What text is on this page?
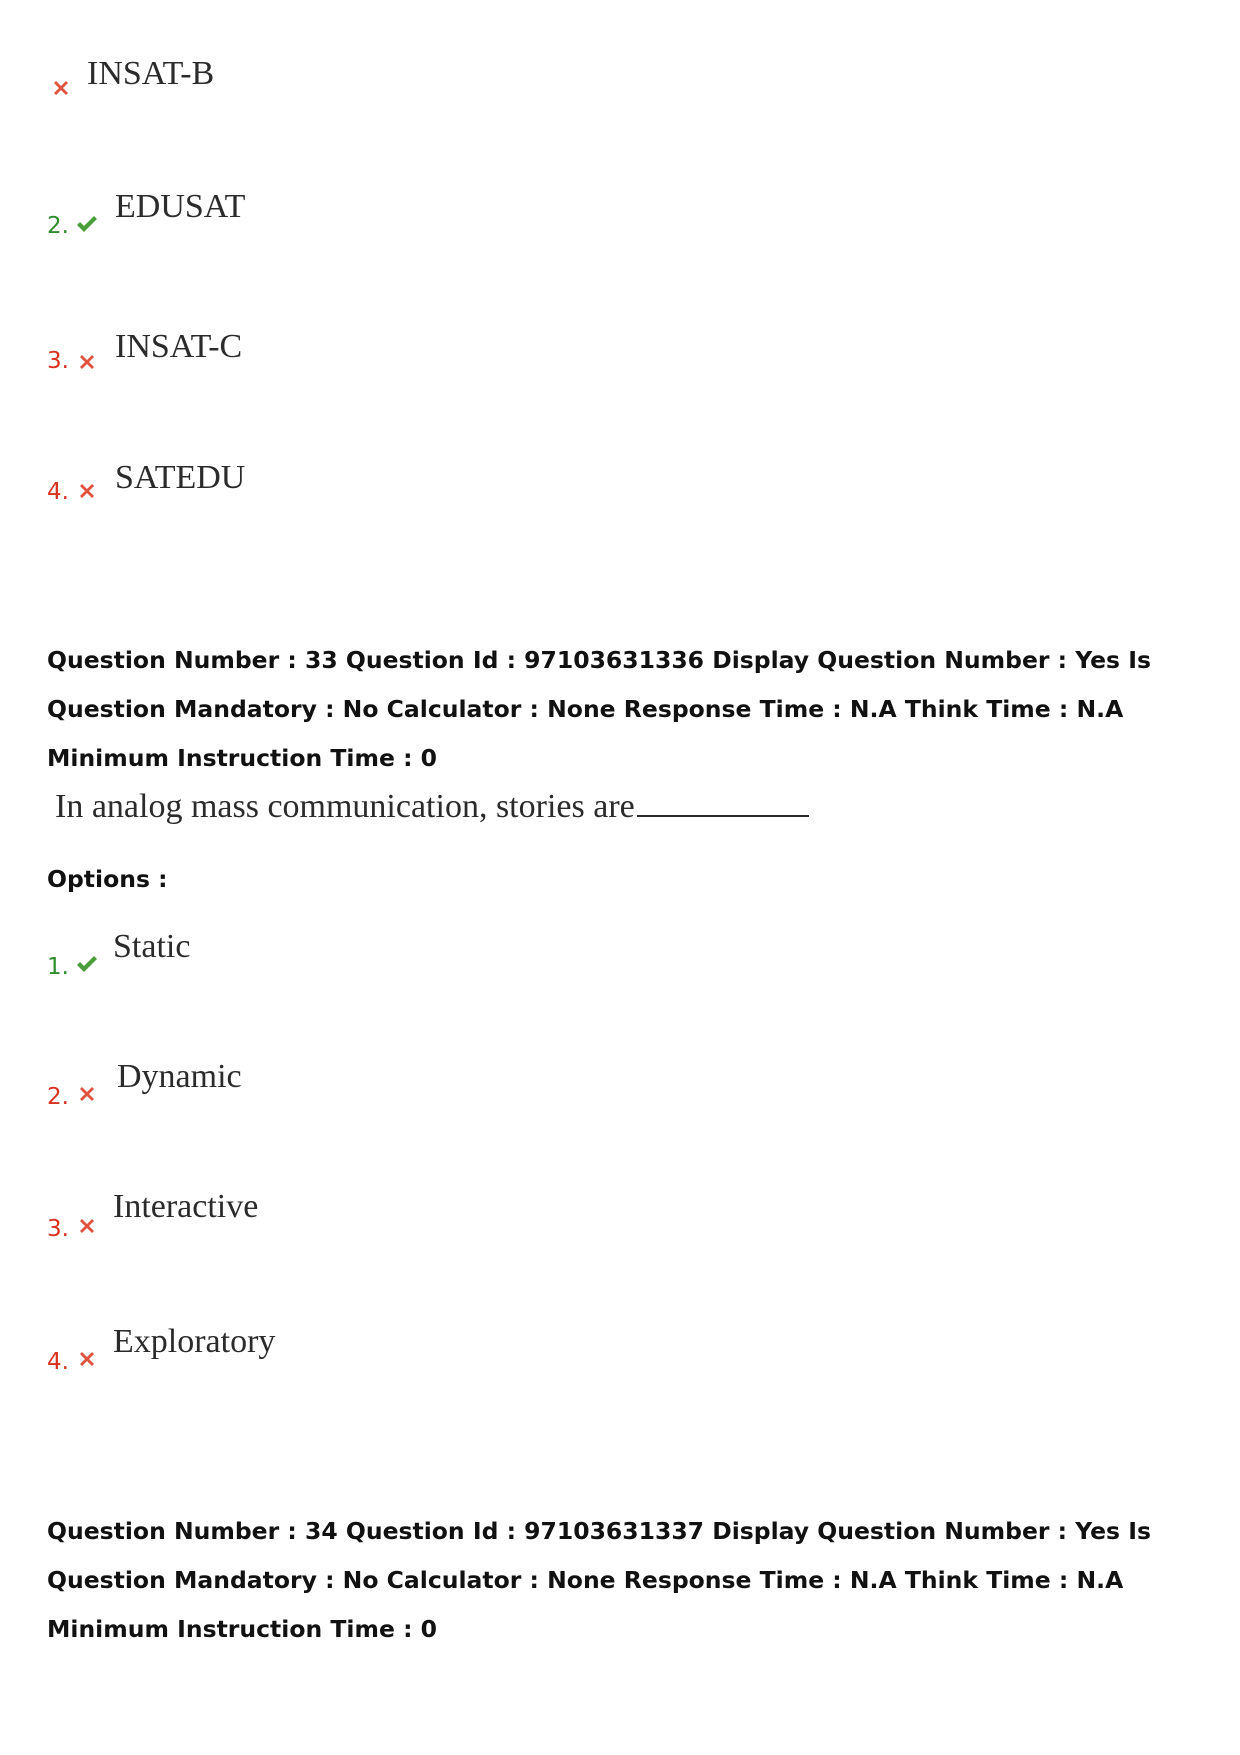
INSAT-B
2.
EDUSAT
3. INSAT-C
4. SATEDU

Question Number : 33 Question Id : 97103631336 Display Question Number : Yes Is Question Mandatory : No Calculator : None Response Time : N.A Think Time : N.A Minimum Instruction Time : 0

In analog mass communication, stories are
Options :
1.
Static
2.
Dynamic
3.
Interactive
4.
Exploratory

Question Number : 34 Question Id : 97103631337 Display Question Number : Yes Is Question Mandatory : No Calculator : None Response Time : N.A Think Time : N.A Minimum Instruction Time : 0
